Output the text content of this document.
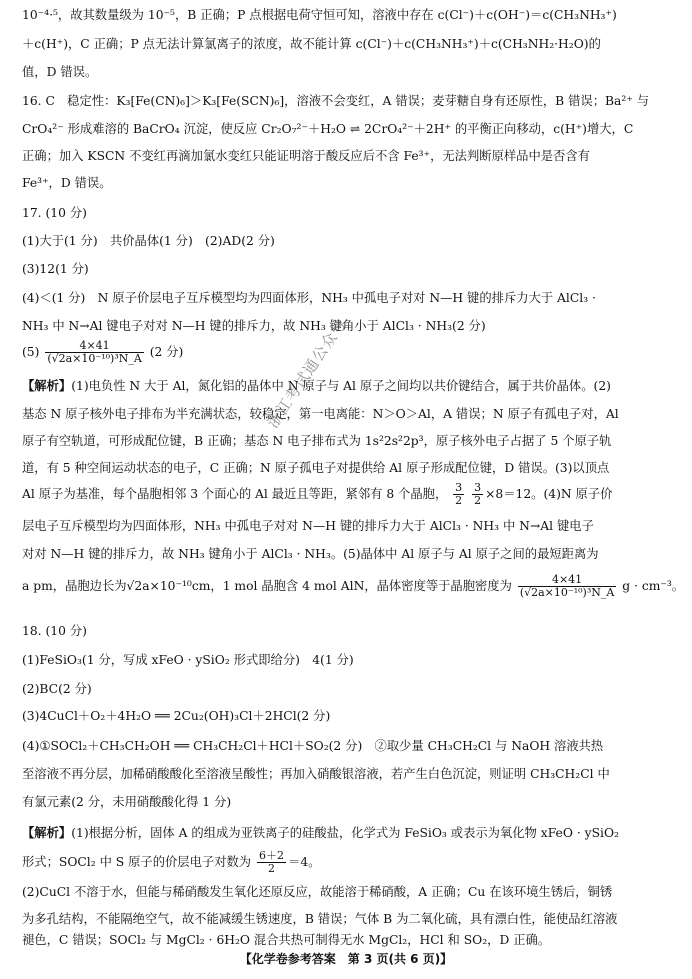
10⁻⁴·⁵，故其数量级为 10⁻⁵，B 正确；P 点根据电荷守恒可知，溶液中存在 c(Cl⁻)＋c(OH⁻)＝c(CH₃NH₃⁺)
＋c(H⁺)，C 正确；P 点无法计算氯离子的浓度，故不能计算 c(Cl⁻)＋c(CH₃NH₃⁺)＋c(CH₃NH₂·H₂O)的
值，D 错误。
16. C　稳定性：K₃[Fe(CN)₆]＞K₃[Fe(SCN)₆]，溶液不会变红，A 错误；麦芽糖自身有还原性，B 错误；Ba²⁺ 与
CrO₄²⁻ 形成难溶的 BaCrO₄ 沉淀，使反应 Cr₂O₇²⁻＋H₂O ⇌ 2CrO₄²⁻＋2H⁺ 的平衡正向移动，c(H⁺)增大，C
正确；加入 KSCN 不变红再滴加氯水变红只能证明溶于酸反应后不含 Fe³⁺，无法判断原样品中是否含有
Fe³⁺，D 错误。
17. (10 分)
(1)大于(1 分)　共价晶体(1 分)　(2)AD(2 分)
(3)12(1 分)
(4)＜(1 分)　N 原子价层电子互斥模型均为四面体形，NH₃ 中孤电子对对 N—H 键的排斥力大于 AlCl₃ ·
NH₃ 中 N→Al 键电子对对 N—H 键的排斥力，故 NH₃ 键角小于 AlCl₃ · NH₃(2 分)
$(5) \frac{4\times 41}{\text{(√2a×10⁻¹⁰)³N\_A}} (2$ 分)
【解析】(1)电负性 N 大于 Al，氮化铝的晶体中 N 原子与 Al 原子之间均以共价键结合，属于共价晶体。(2)
基态 N 原子核外电子排布为半充满状态，较稳定，第一电离能：N＞O＞Al，A 错误；N 原子有孤电子对，Al
原子有空轨道，可形成配位键，B 正确；基态 N 电子排布式为 1s²2s²2p³，原子核外电子占据了 5 个原子轨
道，有 5 种空间运动状态的电子，C 正确；N 原子孤电子对提供给 Al 原子形成配位键，D 错误。(3)以顶点
Al 原子为基准，每个晶胞相邻 3 个面心的 Al 最近且等距，紧邻有 8 个晶胞， $\frac{3}{2}$
$\frac{3}{2} \times 8=12$。(4)N 原子价
层电子互斥模型均为四面体形，NH₃ 中孤电子对对 N—H 键的排斥力大于 AlCl₃ · NH₃ 中 N→Al 键电子
对对 N—H 键的排斥力，故 NH₃ 键角小于 AlCl₃ · NH₃。(5)晶体中 Al 原子与 Al 原子之间的最短距离为
a pm，晶胞边长为√2a×10⁻¹⁰cm，1 mol 晶胞含 4 mol AlN，晶体密度等于晶胞密度为 $\frac{4\times 41}{\text{(√2a×10⁻¹⁰)³N\_A}}$ g · cm⁻³。
18. (10 分)
(1)FeSiO₃(1 分，写成 xFeO · ySiO₂ 形式即给分)　4(1 分)
(2)BC(2 分)
(3)4CuCl＋O₂＋4H₂O ══ 2Cu₂(OH)₃Cl＋2HCl(2 分)
(4)①SOCl₂＋CH₃CH₂OH ══ CH₃CH₂Cl＋HCl＋SO₂(2 分)　②取少量 CH₃CH₂Cl 与 NaOH 溶液共热
至溶液不再分层，加稀硝酸酸化至溶液呈酸性；再加入硝酸银溶液，若产生白色沉淀，则证明 CH₃CH₂Cl 中
有氯元素(2 分，未用硝酸酸化得 1 分)
【解析】(1)根据分析，固体 A 的组成为亚铁离子的硅酸盐，化学式为 FeSiO₃ 或表示为氧化物 xFeO · ySiO₂
形式；SOCl₂ 中 S 原子的价层电子对数为 $\frac{6+2}{2} =4$。
(2)CuCl 不溶于水，但能与稀硝酸发生氧化还原反应，故能溶于稀硝酸，A 正确；Cu 在该环境生锈后，铜锈
为多孔结构，不能隔绝空气，故不能减缓生锈速度，B 错误；气体 B 为二氧化硫，具有漂白性，能使品红溶液
褪色，C 错误；SOCl₂ 与 MgCl₂ · 6H₂O 混合共热可制得无水 MgCl₂，HCl 和 SO₂，D 正确。
浙江考试通公众号
【化学卷参考答案　第 3 页(共 6 页)】
